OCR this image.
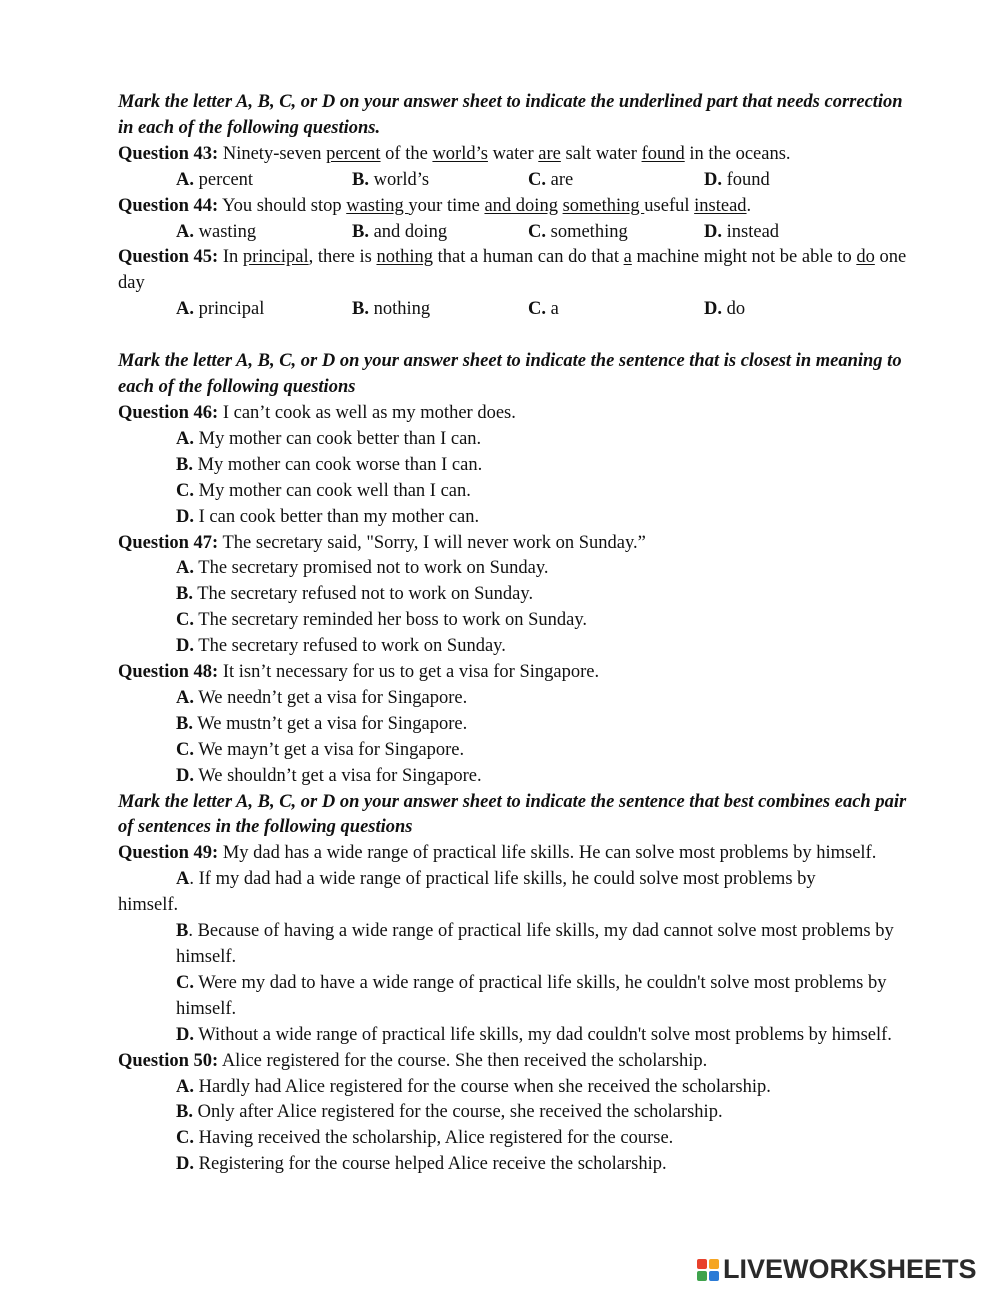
Mark the letter A, B, C, or D on your answer sheet to indicate the underlined part that needs correction in each of the following questions.
Question 43: Ninety-seven percent of the world’s water are salt water found in the oceans.
A. percent	B. world’s	C. are	D. found
Question 44: You should stop wasting your time and doing something useful instead.
A. wasting	B. and doing	C. something	D. instead
Question 45: In principal, there is nothing that a human can do that a machine might not be able to do one day
A. principal	B. nothing	C. a	D. do
Mark the letter A, B, C, or D on your answer sheet to indicate the sentence that is closest in meaning to each of the following questions
Question 46: I can’t cook as well as my mother does.
A. My mother can cook better than I can.
B. My mother can cook worse than I can.
C. My mother can cook well than I can.
D. I can cook better than my mother can.
Question 47: The secretary said, "Sorry, I will never work on Sunday.”
A. The secretary promised not to work on Sunday.
B. The secretary refused not to work on Sunday.
C. The secretary reminded her boss to work on Sunday.
D. The secretary refused to work on Sunday.
Question 48: It isn’t necessary for us to get a visa for Singapore.
A. We needn’t get a visa for Singapore.
B. We mustn’t get a visa for Singapore.
C. We mayn’t get a visa for Singapore.
D. We shouldn’t get a visa for Singapore.
Mark the letter A, B, C, or D on your answer sheet to indicate the sentence that best combines each pair of sentences in the following questions
Question 49: My dad has a wide range of practical life skills. He can solve most problems by himself.
A. If my dad had a wide range of practical life skills, he could solve most problems by
himself.
B. Because of having a wide range of practical life skills, my dad cannot solve most problems by himself.
C. Were my dad to have a wide range of practical life skills, he couldn't solve most problems by himself.
D. Without a wide range of practical life skills, my dad couldn't solve most problems by himself.
Question 50: Alice registered for the course. She then received the scholarship.
A. Hardly had Alice registered for the course when she received the scholarship.
B. Only after Alice registered for the course, she received the scholarship.
C. Having received the scholarship, Alice registered for the course.
D. Registering for the course helped Alice receive the scholarship.
LIVEWORKSHEETS
